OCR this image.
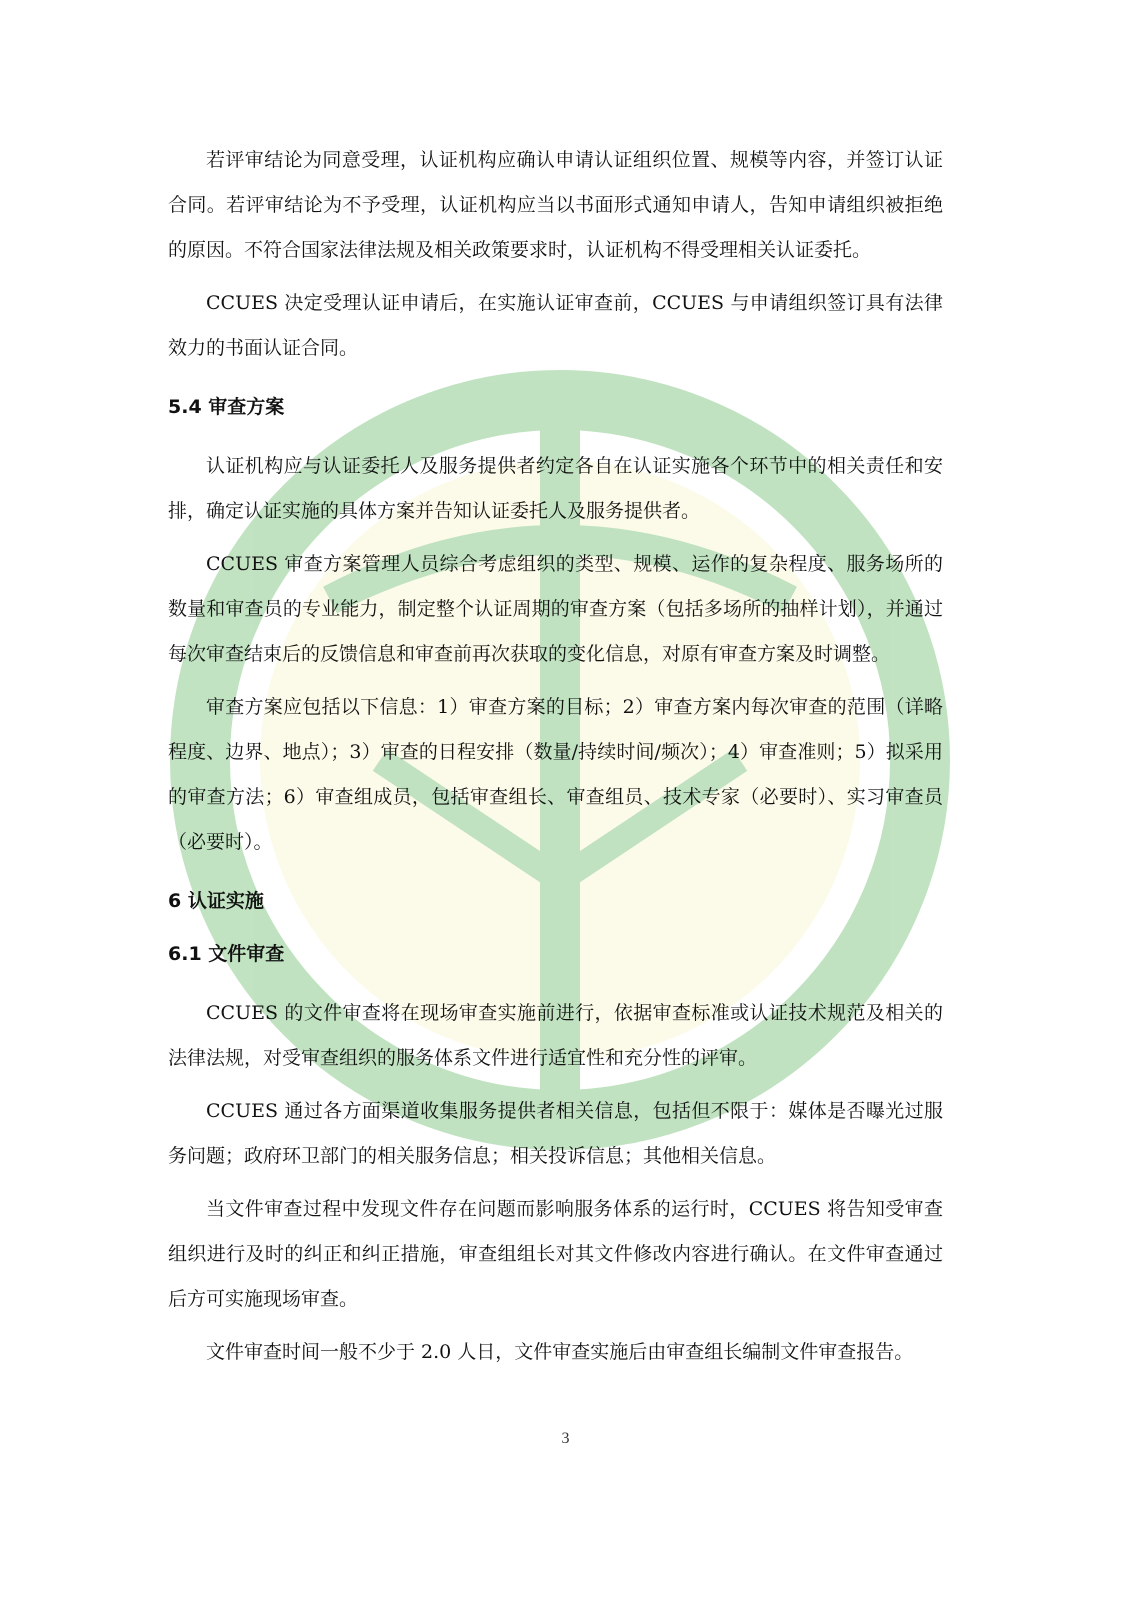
若评审结论为同意受理，认证机构应确认申请认证组织位置、规模等内容，并签订认证合同。若评审结论为不予受理，认证机构应当以书面形式通知申请人，告知申请组织被拒绝的原因。不符合国家法律法规及相关政策要求时，认证机构不得受理相关认证委托。

CCUES 决定受理认证申请后，在实施认证审查前，CCUES 与申请组织签订具有法律效力的书面认证合同。

5.4 审查方案

认证机构应与认证委托人及服务提供者约定各自在认证实施各个环节中的相关责任和安排，确定认证实施的具体方案并告知认证委托人及服务提供者。

CCUES 审查方案管理人员综合考虑组织的类型、规模、运作的复杂程度、服务场所的数量和审查员的专业能力，制定整个认证周期的审查方案（包括多场所的抽样计划），并通过每次审查结束后的反馈信息和审查前再次获取的变化信息，对原有审查方案及时调整。

审查方案应包括以下信息：1）审查方案的目标；2）审查方案内每次审查的范围（详略程度、边界、地点）；3）审查的日程安排（数量/持续时间/频次）；4）审查准则；5）拟采用的审查方法；6）审查组成员，包括审查组长、审查组员、技术专家（必要时）、实习审查员（必要时）。

6 认证实施
6.1 文件审查

CCUES 的文件审查将在现场审查实施前进行，依据审查标准或认证技术规范及相关的法律法规，对受审查组织的服务体系文件进行适宜性和充分性的评审。

CCUES 通过各方面渠道收集服务提供者相关信息，包括但不限于：媒体是否曝光过服务问题；政府环卫部门的相关服务信息；相关投诉信息；其他相关信息。

当文件审查过程中发现文件存在问题而影响服务体系的运行时，CCUES 将告知受审查组织进行及时的纠正和纠正措施，审查组组长对其文件修改内容进行确认。在文件审查通过后方可实施现场审查。

文件审查时间一般不少于 2.0 人日，文件审查实施后由审查组长编制文件审查报告。

3
